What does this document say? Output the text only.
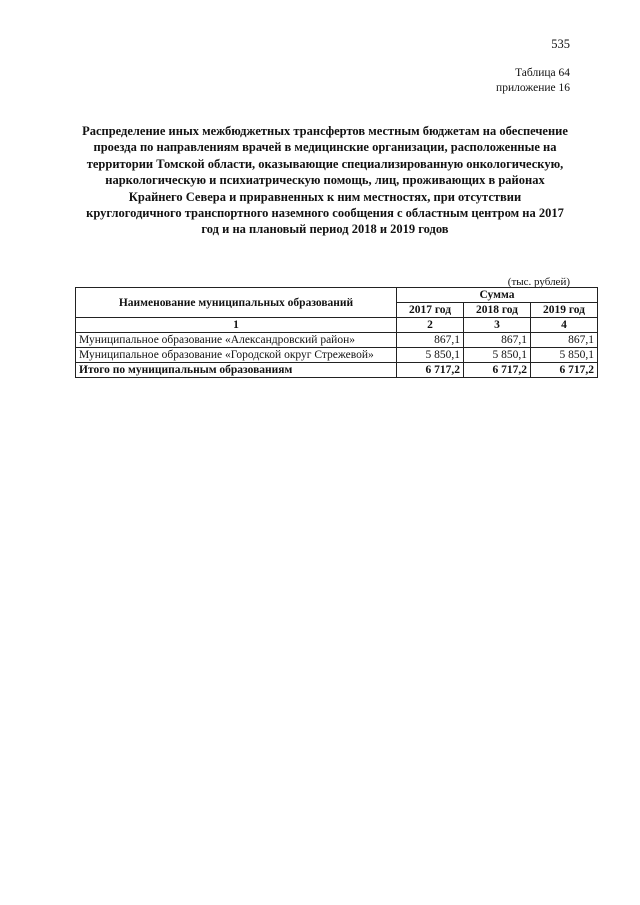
535
Таблица 64
приложение 16
Распределение иных межбюджетных трансфертов местным бюджетам на обеспечение проезда по направлениям врачей в медицинские организации, расположенные на территории Томской области, оказывающие специализированную онкологическую, наркологическую и психиатрическую помощь, лиц, проживающих в районах Крайнего Севера и приравненных к ним местностях, при отсутствии круглогодичного транспортного наземного сообщения с областным центром на 2017 год и на плановый период 2018 и 2019 годов
(тыс. рублей)
Наименование муниципальных образований	Сумма		
	2017 год	2018 год	2019 год
1	2	3	4
Муниципальное образование «Александровский район»	867,1	867,1	867,1
Муниципальное образование «Городской округ Стрежевой»	5 850,1	5 850,1	5 850,1
Итого по муниципальным образованиям	6 717,2	6 717,2	6 717,2
